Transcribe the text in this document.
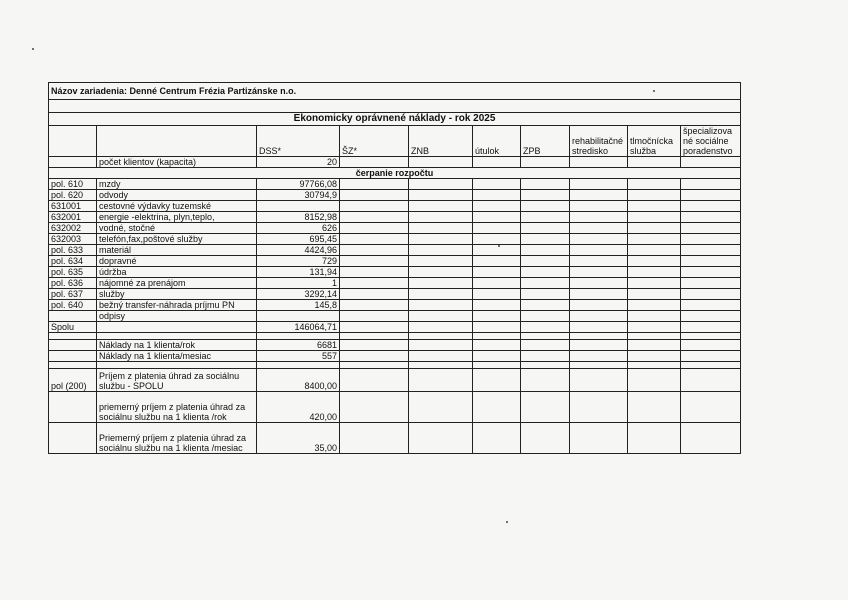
Názov zariadenia: Denné Centrum Frézia Partizánske n.o.									

Ekonomicky oprávnené náklady - rok 2025									
		DSS*	ŠZ*	ZNB	útulok	ZPB	rehabilitačné stredisko	tlmočnícka služba	špecializova né sociálne poradenstvo
	počet klientov (kapacita)	20							
čerpanie rozpočtu									
pol. 610	mzdy	97766,08							
pol. 620	odvody	30794,9							
631001	cestovné výdavky tuzemské								
632001	energie -elektrina, plyn,teplo,	8152,98							
632002	vodné, stočné	626							
632003	telefón,fax,poštové služby	695,45							
pol. 633	materiál	4424,96							
pol. 634	dopravné	729							
pol. 635	údržba	131,94							
pol. 636	nájomné za prenájom	1							
pol. 637	služby	3292,14							
pol. 640	bežný transfer-náhrada príjmu PN	145,8							
	odpisy								
Spolu		146064,71							

	Náklady na 1 klienta/rok	6681							
	Náklady na 1 klienta/mesiac	557							

pol (200)	Príjem z platenia úhrad za sociálnu službu - SPOLU	8400,00							
	priemerný príjem z platenia úhrad za sociálnu službu na 1 klienta /rok	420,00							
	Priemerný príjem z platenia úhrad za sociálnu službu na 1 klienta /mesiac	35,00							
